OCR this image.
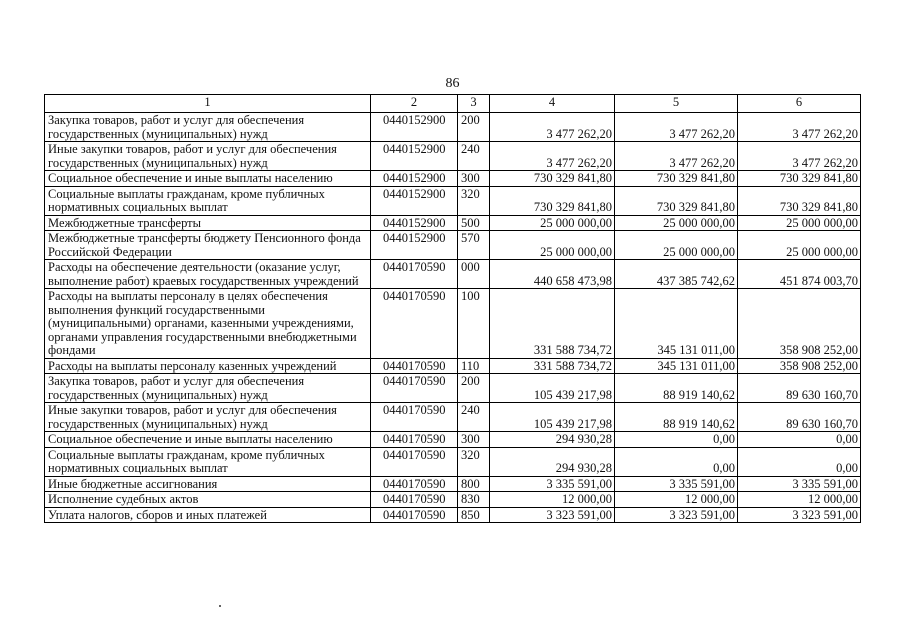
86
1	2	3	4	5	6
Закупка товаров, работ и услуг для обеспечения государственных (муниципальных) нужд	0440152900	200	3 477 262,20	3 477 262,20	3 477 262,20
Иные закупки товаров, работ и услуг для обеспечения государственных (муниципальных) нужд	0440152900	240	3 477 262,20	3 477 262,20	3 477 262,20
Социальное обеспечение и иные выплаты населению	0440152900	300	730 329 841,80	730 329 841,80	730 329 841,80
Социальные выплаты гражданам, кроме публичных нормативных социальных выплат	0440152900	320	730 329 841,80	730 329 841,80	730 329 841,80
Межбюджетные трансферты	0440152900	500	25 000 000,00	25 000 000,00	25 000 000,00
Межбюджетные трансферты бюджету Пенсионного фонда Российской Федерации	0440152900	570	25 000 000,00	25 000 000,00	25 000 000,00
Расходы на обеспечение деятельности (оказание услуг, выполнение работ) краевых государственных учреждений	0440170590	000	440 658 473,98	437 385 742,62	451 874 003,70
Расходы на выплаты персоналу в целях обеспечения выполнения функций государственными (муниципальными) органами, казенными учреждениями, органами управления государственными внебюджетными фондами	0440170590	100	331 588 734,72	345 131 011,00	358 908 252,00
Расходы на выплаты персоналу казенных учреждений	0440170590	110	331 588 734,72	345 131 011,00	358 908 252,00
Закупка товаров, работ и услуг для обеспечения государственных (муниципальных) нужд	0440170590	200	105 439 217,98	88 919 140,62	89 630 160,70
Иные закупки товаров, работ и услуг для обеспечения государственных (муниципальных) нужд	0440170590	240	105 439 217,98	88 919 140,62	89 630 160,70
Социальное обеспечение и иные выплаты населению	0440170590	300	294 930,28	0,00	0,00
Социальные выплаты гражданам, кроме публичных нормативных социальных выплат	0440170590	320	294 930,28	0,00	0,00
Иные бюджетные ассигнования	0440170590	800	3 335 591,00	3 335 591,00	3 335 591,00
Исполнение судебных актов	0440170590	830	12 000,00	12 000,00	12 000,00
Уплата налогов, сборов и иных платежей	0440170590	850	3 323 591,00	3 323 591,00	3 323 591,00
